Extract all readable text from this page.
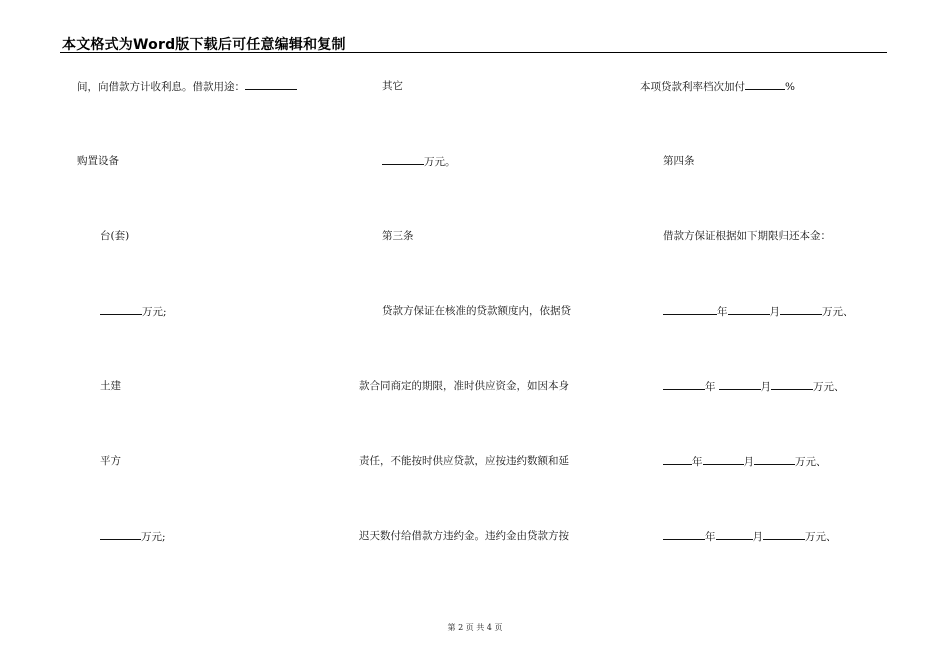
本文格式为Word版下载后可任意编辑和复制
间，向借款方计收利息。借款用途：
购置设备
台(套)
万元;
土建
平方
万元;
其它
万元。
第三条
贷款方保证在核准的贷款额度内，依据贷
款合同商定的期限，准时供应资金，如因本身
责任，不能按时供应贷款，应按违约数额和延
迟天数付给借款方违约金。违约金由贷款方按
本项贷款利率档次加付	%
第四条
借款方保证根据如下期限归还本金：
年	月	万元、
年	月	万元、
年	月	万元、
年	月	万元、
第 2 页 共 4 页
